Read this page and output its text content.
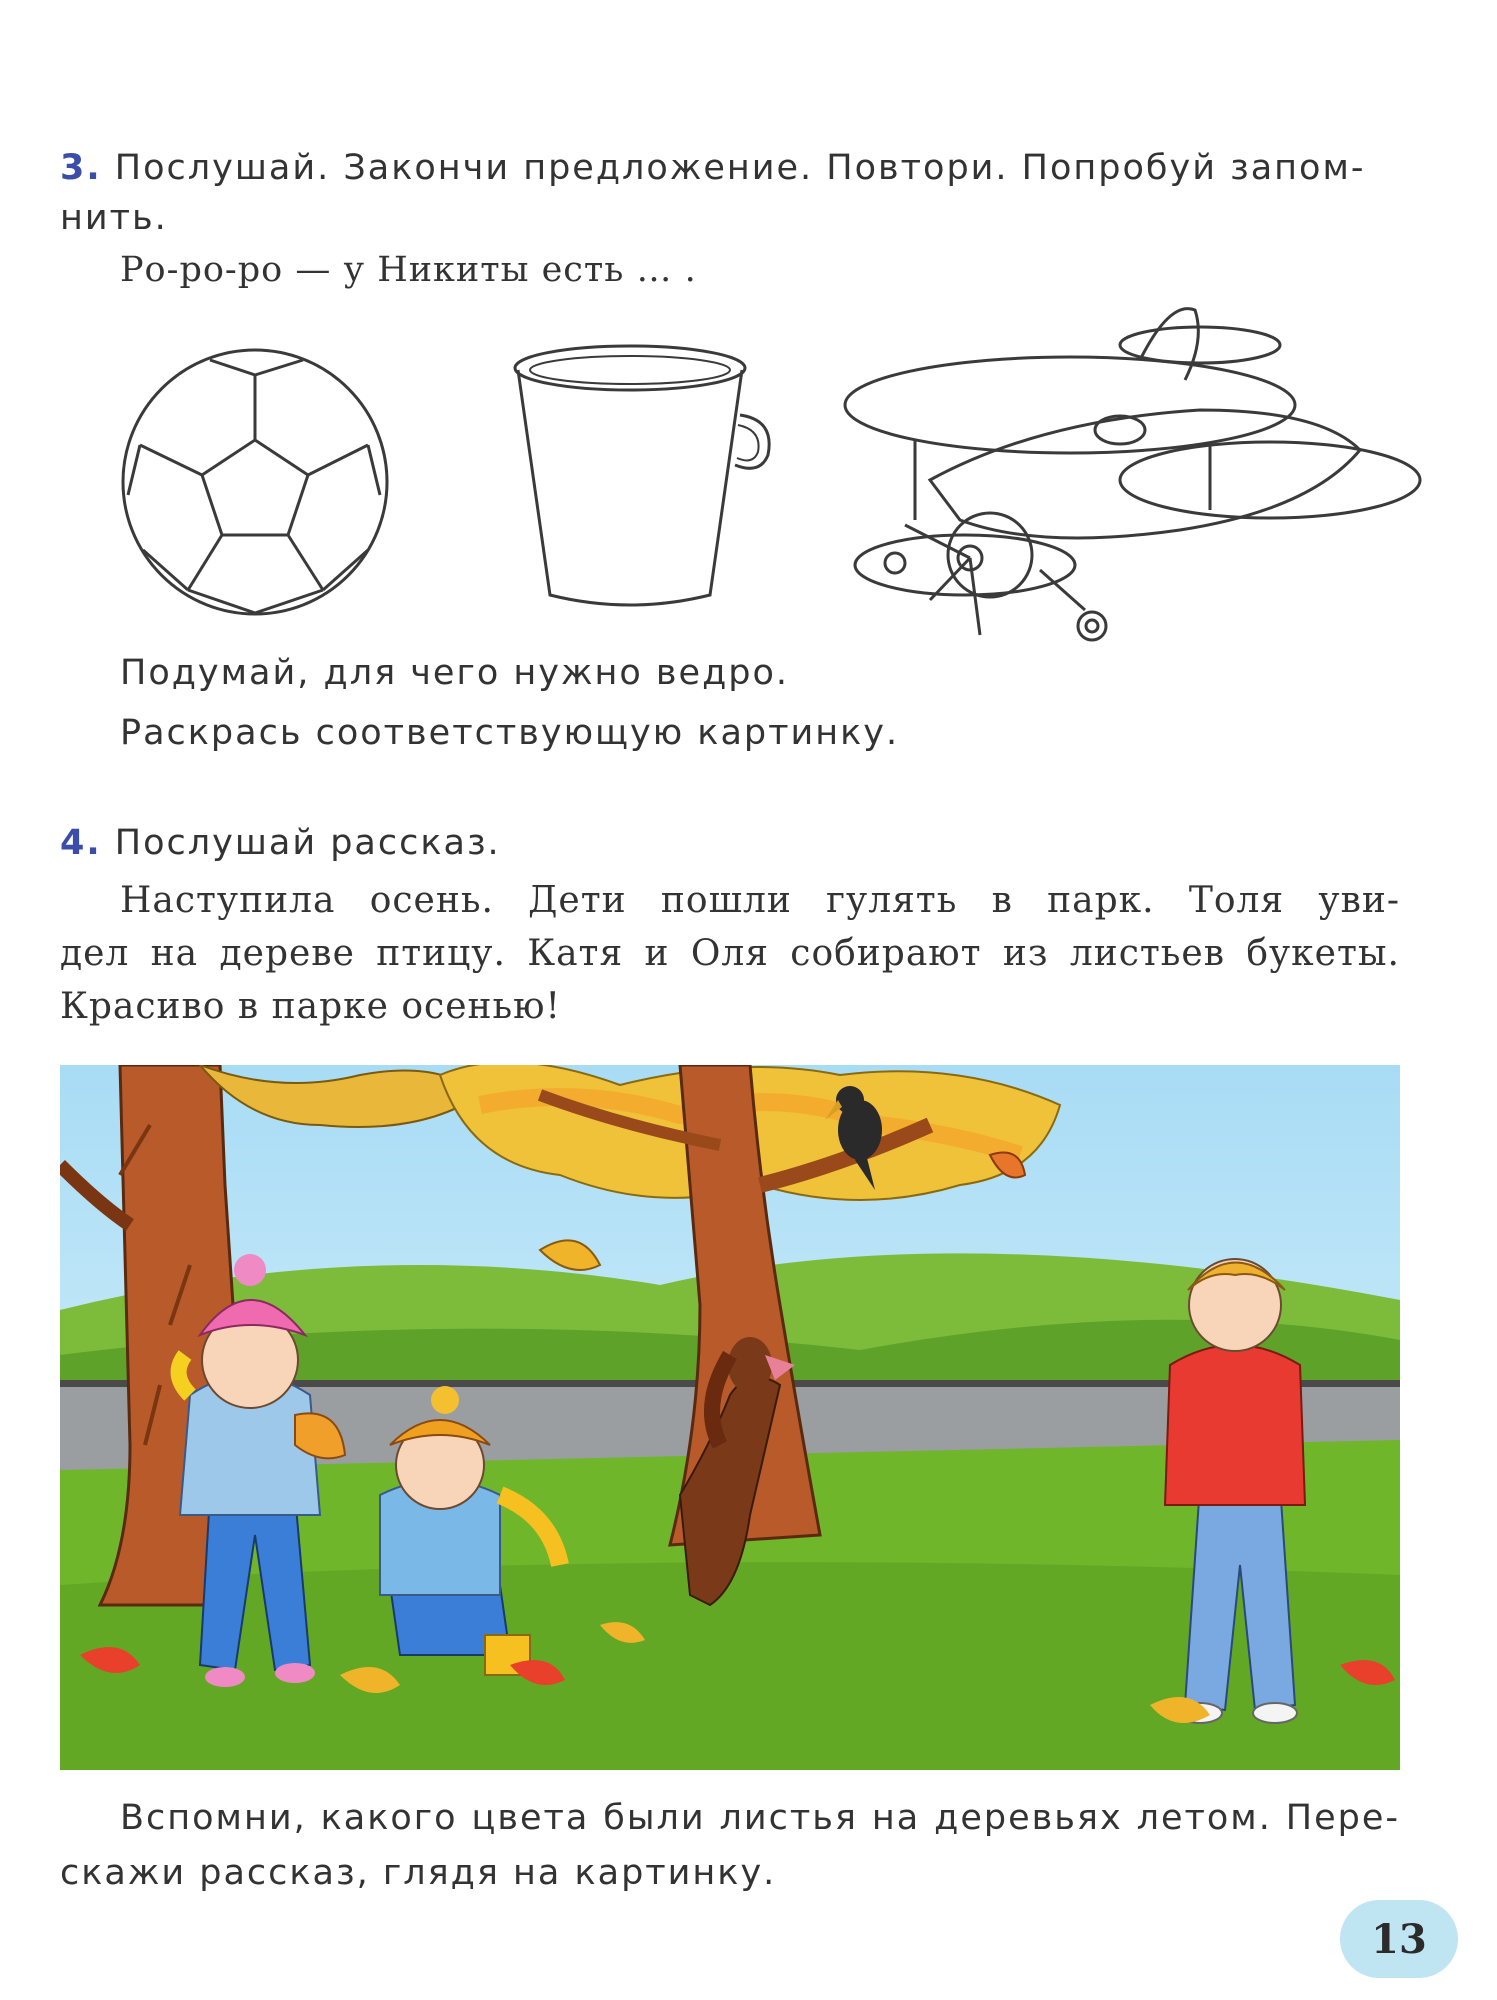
3. Послушай. Закончи предложение. Повтори. Попробуй запом-
нить.
Ро-ро-ро — у Никиты есть … .
Подумай, для чего нужно ведро.
Раскрась соответствующую картинку.
4. Послушай рассказ.
Наступила осень. Дети пошли гулять в парк. Толя уви-
дел на дереве птицу. Катя и Оля собирают из листьев букеты.
Красиво в парке осенью!
Вспомни, какого цвета были листья на деревьях летом. Пере-
скажи рассказ, глядя на картинку.
13
